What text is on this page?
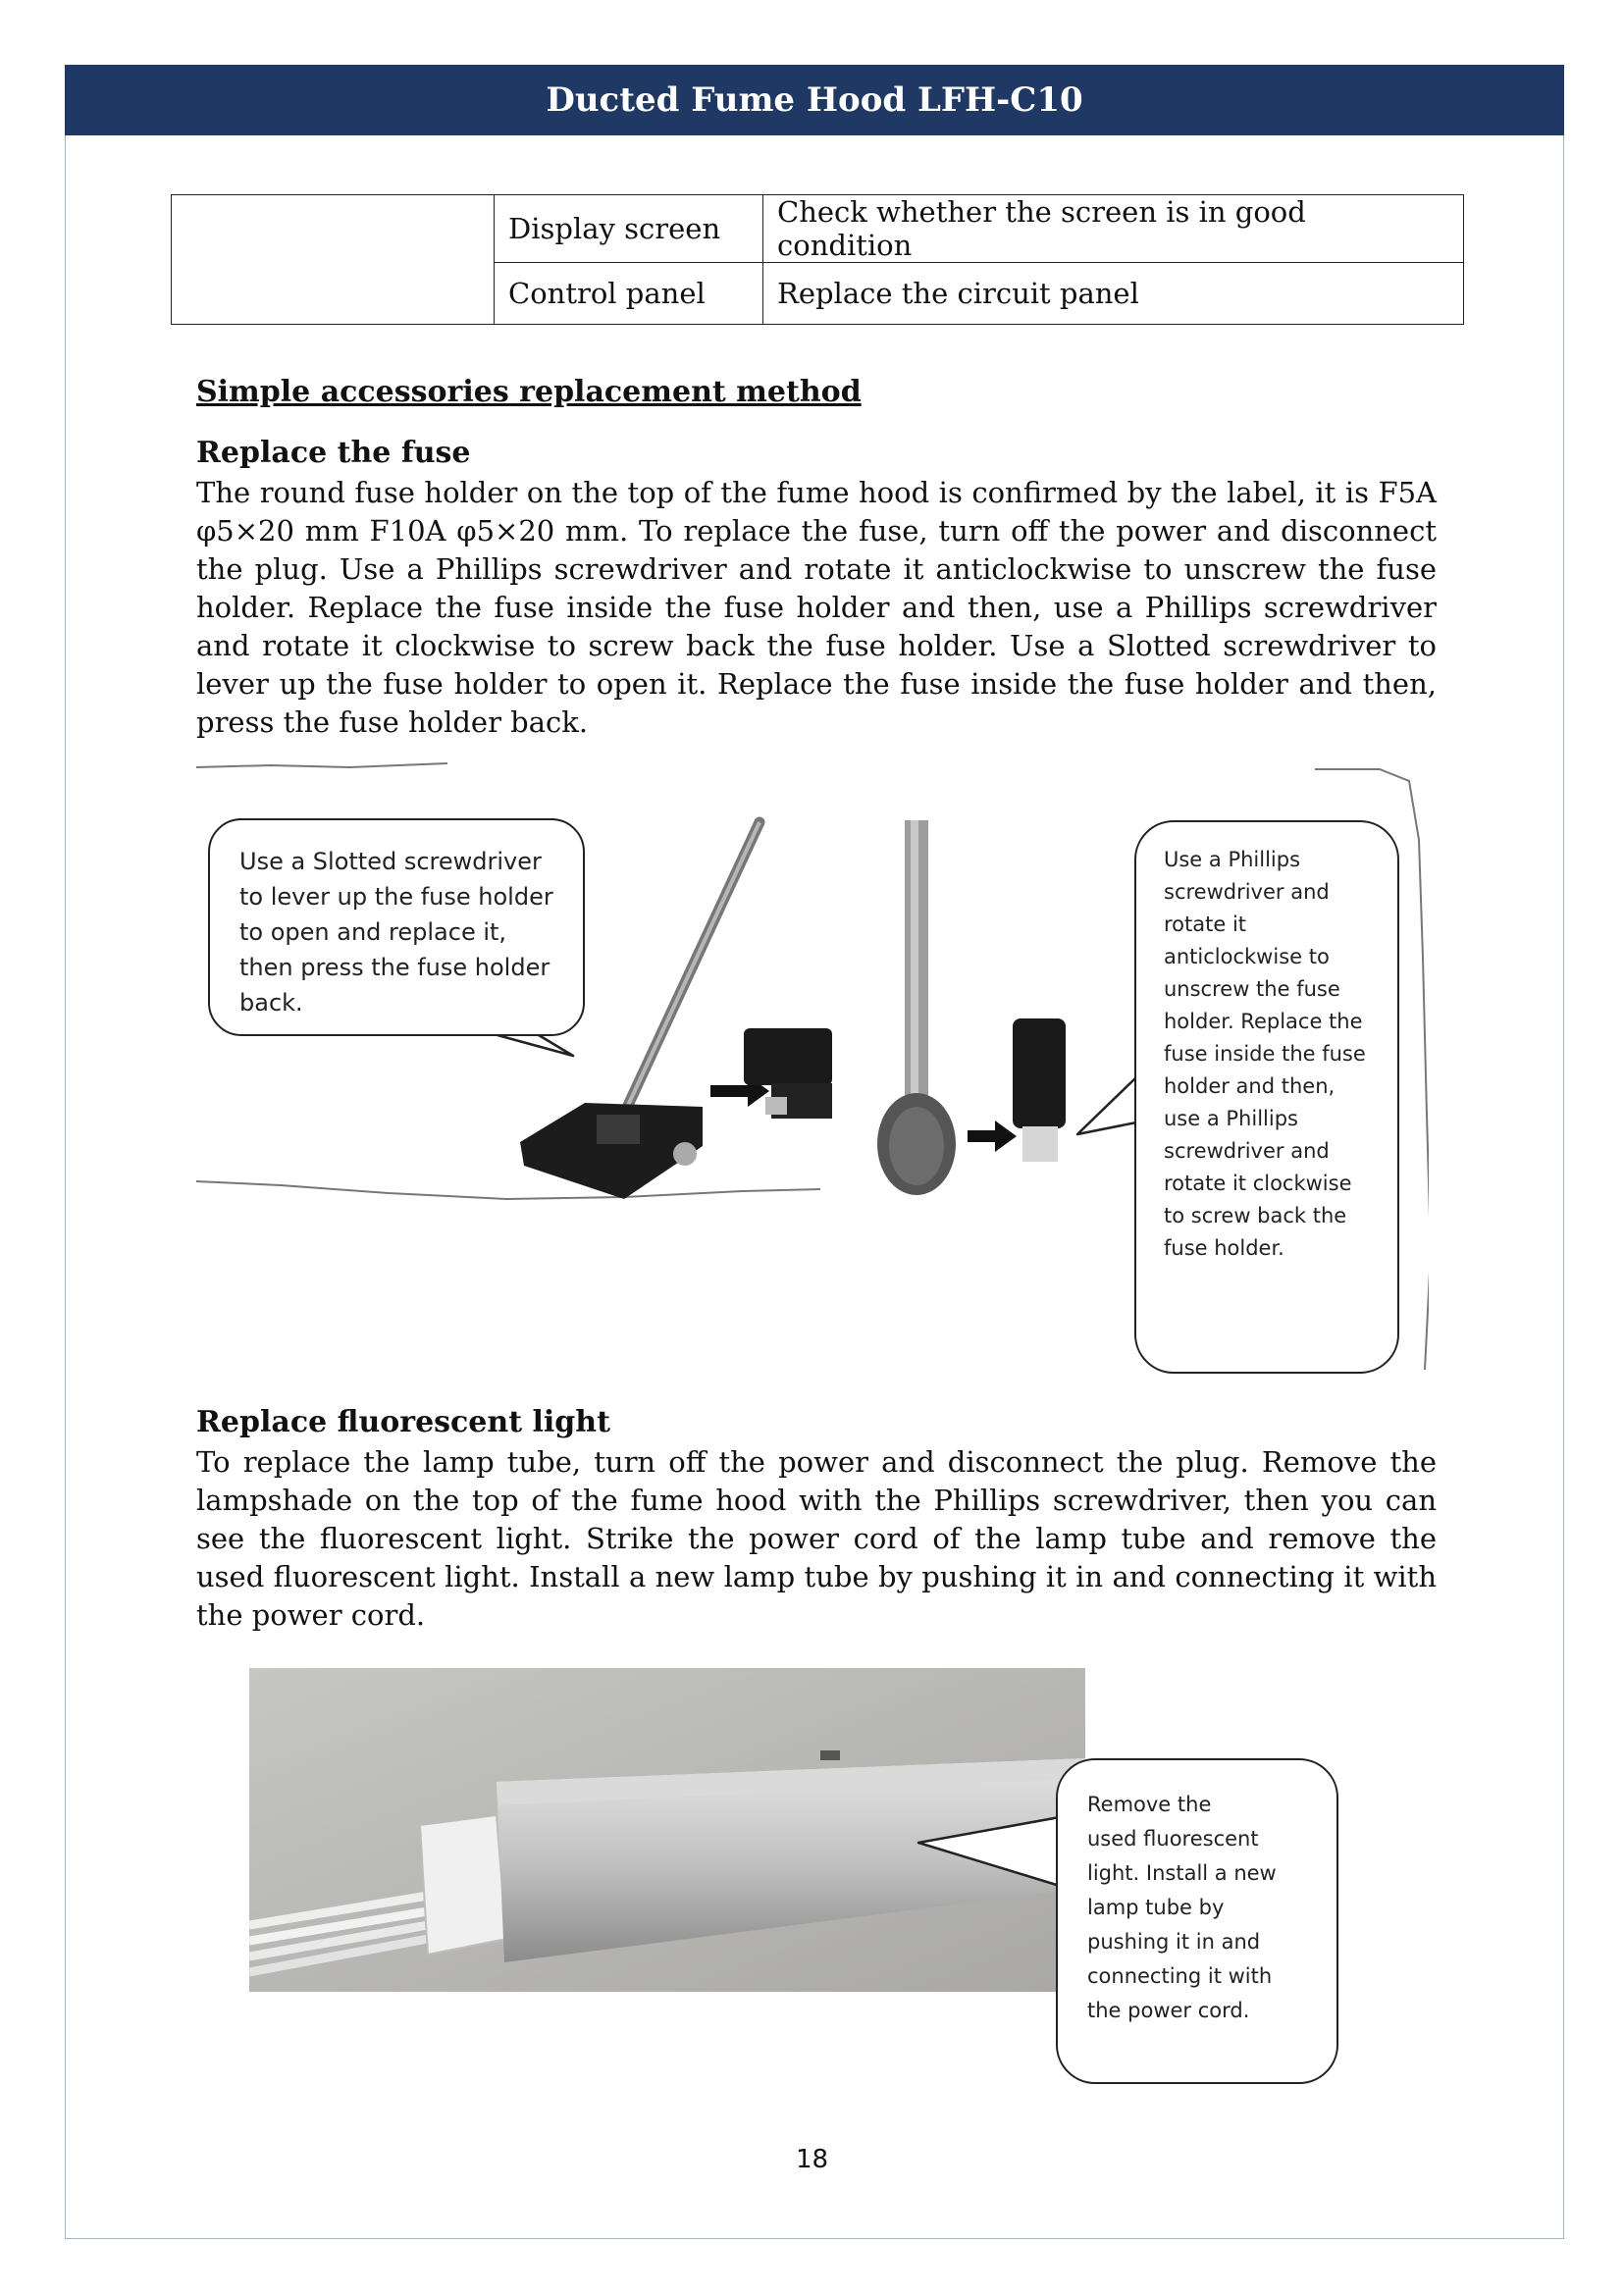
Ducted Fume Hood LFH-C10
	Display screen	Check whether the screen is in good condition
	Control panel	Replace the circuit panel
Simple accessories replacement method
Replace the fuse
The round fuse holder on the top of the fume hood is confirmed by the label, it is F5A φ5×20 mm F10A φ5×20 mm. To replace the fuse, turn off the power and disconnect the plug. Use a Phillips screwdriver and rotate it anticlockwise to unscrew the fuse holder. Replace the fuse inside the fuse holder and then, use a Phillips screwdriver and rotate it clockwise to screw back the fuse holder. Use a Slotted screwdriver to lever up the fuse holder to open it. Replace the fuse inside the fuse holder and then, press the fuse holder back.
Use a Slotted screwdriver
to lever up the fuse holder
to open and replace it,
then press the fuse holder
back.
Use a Phillips
screwdriver and
rotate it
anticlockwise to
unscrew the fuse
holder. Replace the
fuse inside the fuse
holder and then,
use a Phillips
screwdriver and
rotate it clockwise
to screw back the
fuse holder.
Replace fluorescent light
To replace the lamp tube, turn off the power and disconnect the plug. Remove the lampshade on the top of the fume hood with the Phillips screwdriver, then you can see the fluorescent light. Strike the power cord of the lamp tube and remove the used fluorescent light. Install a new lamp tube by pushing it in and connecting it with the power cord.
Remove the
used fluorescent
light. Install a new
lamp tube by
pushing it in and
connecting it with
the power cord.
18
